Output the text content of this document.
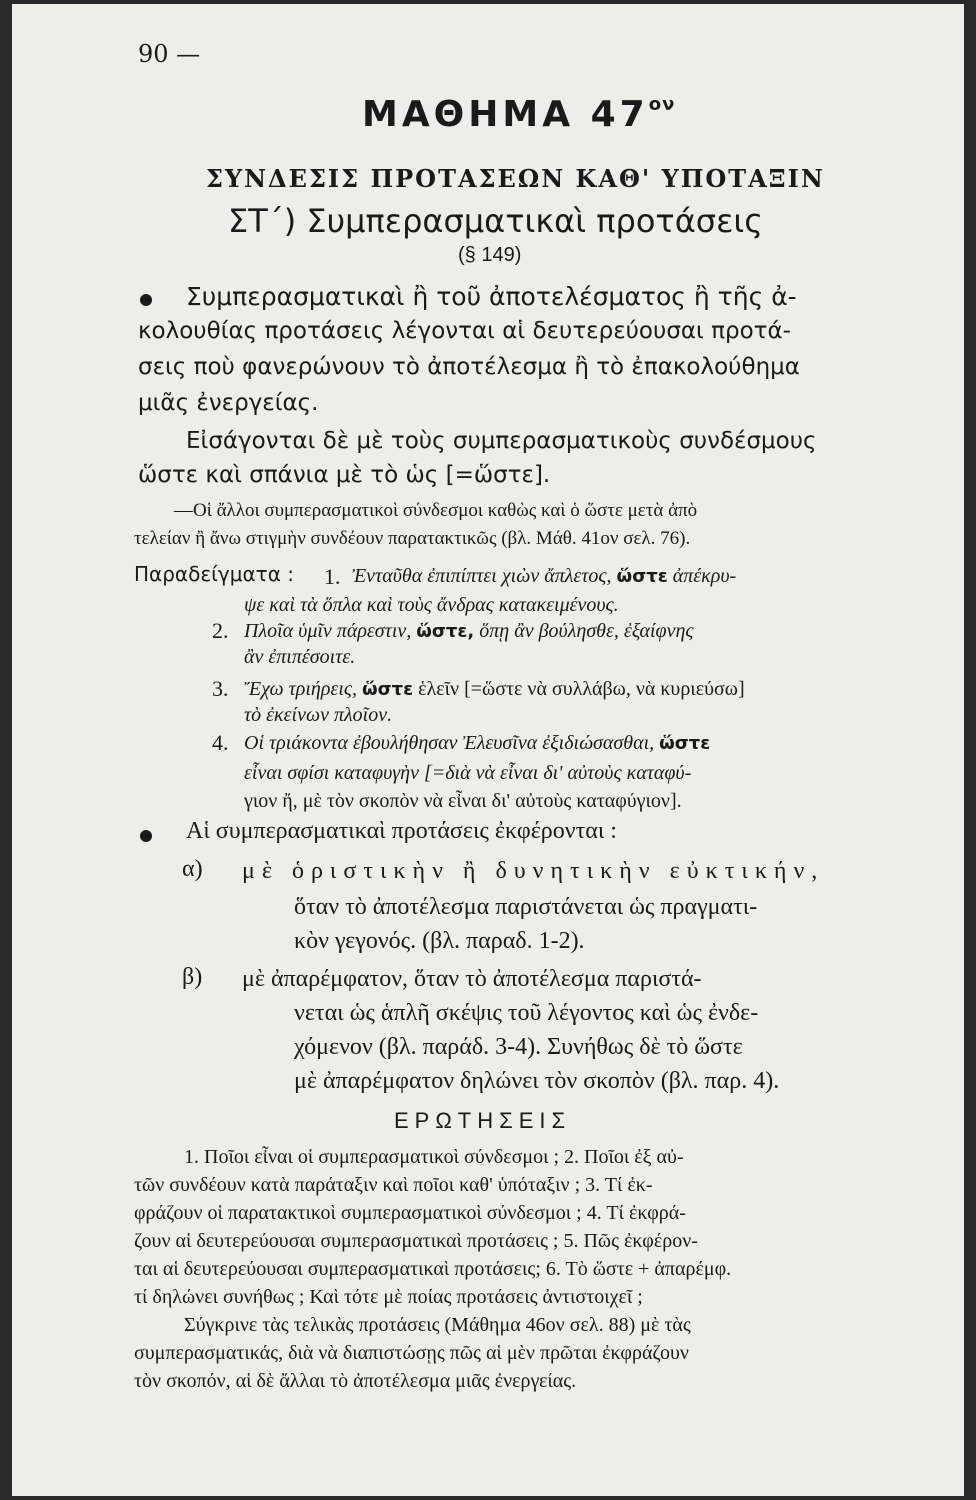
90 —
ΜΑΘΗΜΑ $47^{o\nu}$
ΣΥΝΔΕΣΙΣ ΠΡΟΤΑΣΕΩΝ ΚΑΘ' ΥΠΟΤΑΞΙΝ
ΣΤ΄) Συμπερασματικαὶ προτάσεις
(§ 149)
Συμπερασματικαὶ ἢ τοῦ ἀποτελέσματος ἢ τῆς ἀ-
κολουθίας προτάσεις λέγονται αἱ δευτερεύουσαι προτά-
σεις ποὺ φανερώνουν τὸ ἀποτέλεσμα ἢ τὸ ἐπακολούθημα
μιᾶς ἐνεργείας.
Εἰσάγονται δὲ μὲ τοὺς συμπερασματικοὺς συνδέσμους
ὥστε καὶ σπάνια μὲ τὸ ὡς [=ὥστε].
—Οἱ ἄλλοι συμπερασματικοὶ σύνδεσμοι καθὼς καὶ ὁ ὥστε μετὰ ἀπὸ
τελείαν ἢ ἄνω στιγμὴν συνδέουν παρατακτικῶς (βλ. Μάθ. 41ον σελ. 76).
Παραδείγματα : 1. Ἐνταῦθα ἐπιπίπτει χιὼν ἄπλετος, ὥστε ἀπέκρυ-
ψε καὶ τὰ ὅπλα καὶ τοὺς ἄνδρας κατακειμένους.
2. Πλοῖα ὑμῖν πάρεστιν, ὥστε, ὅπῃ ἂν βούλησθε, ἐξαίφνης
ἂν ἐπιπέσοιτε.
3. Ἔχω τριήρεις, ὥστε ἑλεῖν [=ὥστε νὰ συλλάβω, νὰ κυριεύσω]
τὸ ἐκείνων πλοῖον.
4. Οἱ τριάκοντα ἐβουλήθησαν Ἐλευσῖνα ἐξιδιώσασθαι, ὥστε
εἶναι σφίσι καταφυγὴν [=διὰ νὰ εἶναι δι' αὐτοὺς καταφύ-
γιον ἤ, μὲ τὸν σκοπὸν νὰ εἶναι δι' αὐτοὺς καταφύγιον].
Αἱ συμπερασματικαὶ προτάσεις ἐκφέρονται :
α) μὲ ὁριστικὴν ἢ δυνητικὴν εὐκτικήν,
ὅταν τὸ ἀποτέλεσμα παριστάνεται ὡς πραγματι-
κὸν γεγονός. (βλ. παραδ. 1-2).
β) μὲ ἀπαρέμφατον, ὅταν τὸ ἀποτέλεσμα παριστά-
νεται ὡς ἁπλῆ σκέψις τοῦ λέγοντος καὶ ὡς ἐνδε-
χόμενον (βλ. παράδ. 3-4). Συνήθως δὲ τὸ ὥστε
μὲ ἀπαρέμφατον δηλώνει τὸν σκοπὸν (βλ. παρ. 4).
ΕΡΩΤΗΣΕΙΣ
1. Ποῖοι εἶναι οἱ συμπερασματικοὶ σύνδεσμοι ; 2. Ποῖοι ἐξ αὐ-
τῶν συνδέουν κατὰ παράταξιν καὶ ποῖοι καθ' ὑπόταξιν ; 3. Τί ἐκ-
φράζουν οἱ παρατακτικοὶ συμπερασματικοὶ σύνδεσμοι ; 4. Τί ἐκφρά-
ζουν αἱ δευτερεύουσαι συμπερασματικαὶ προτάσεις ; 5. Πῶς ἐκφέρον-
ται αἱ δευτερεύουσαι συμπερασματικαὶ προτάσεις; 6. Τὸ ὥστε + ἀπαρέμφ.
τί δηλώνει συνήθως ; Καὶ τότε μὲ ποίας προτάσεις ἀντιστοιχεῖ ;
Σύγκρινε τὰς τελικὰς προτάσεις (Μάθημα 46ον σελ. 88) μὲ τὰς
συμπερασματικάς, διὰ νὰ διαπιστώσῃς πῶς αἱ μὲν πρῶται ἐκφράζουν
τὸν σκοπόν, αἱ δὲ ἄλλαι τὸ ἀποτέλεσμα μιᾶς ἐνεργείας.
